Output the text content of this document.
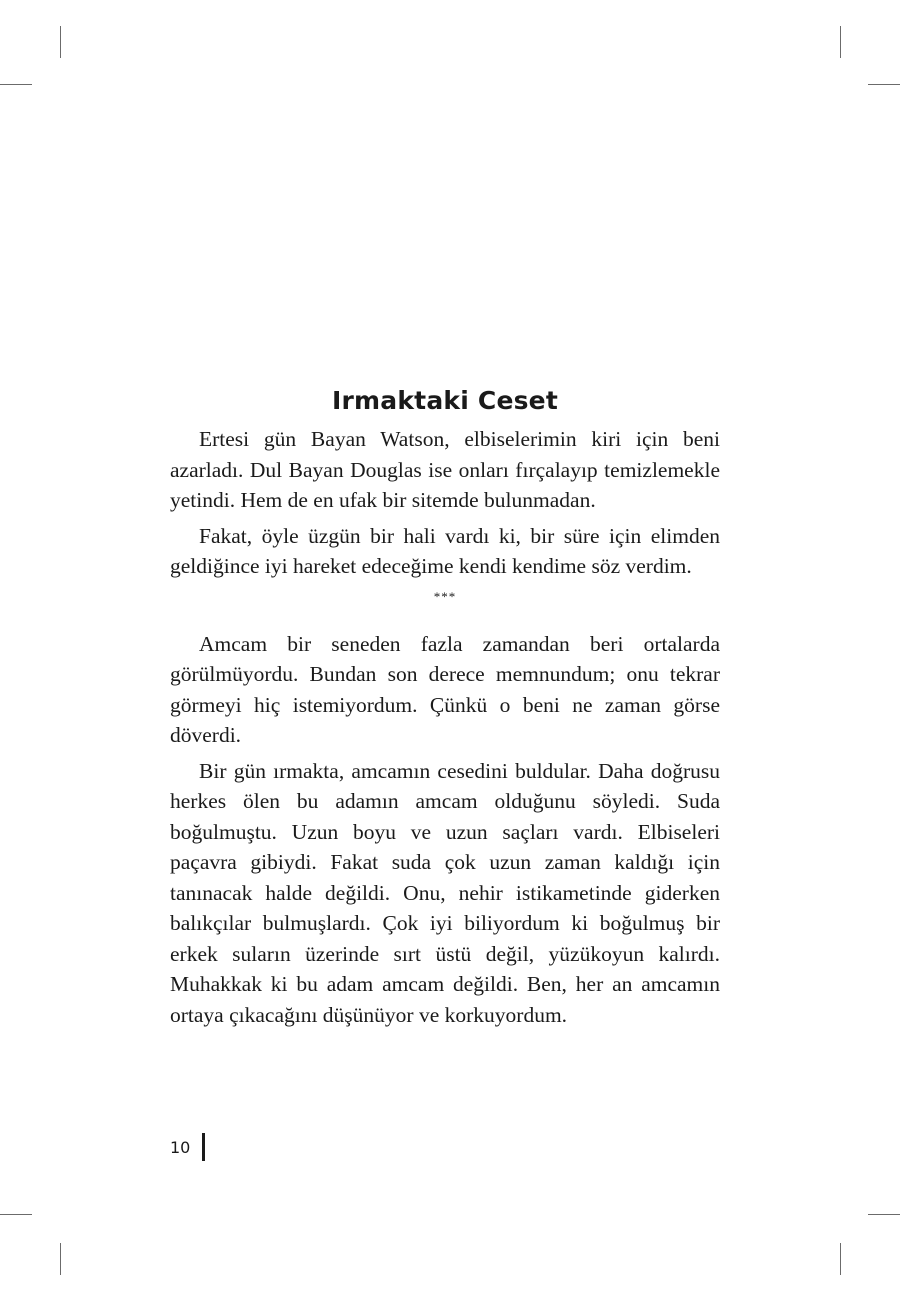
Irmaktaki Ceset

Ertesi gün Bayan Watson, elbiselerimin kiri için beni azarladı. Dul Bayan Douglas ise onları fırçalayıp temizlemekle yetindi. Hem de en ufak bir sitemde bulunmadan.

Fakat, öyle üzgün bir hali vardı ki, bir süre için elimden geldiğince iyi hareket edeceğime kendi kendime söz verdim.

***

Amcam bir seneden fazla zamandan beri ortalarda görülmüyordu. Bundan son derece memnundum; onu tekrar görmeyi hiç istemiyordum. Çünkü o beni ne zaman görse döverdi.

Bir gün ırmakta, amcamın cesedini buldular. Daha doğrusu herkes ölen bu adamın amcam olduğunu söyledi. Suda boğulmuştu. Uzun boyu ve uzun saçları vardı. Elbiseleri paçavra gibiydi. Fakat suda çok uzun zaman kaldığı için tanınacak halde değildi. Onu, nehir istikametinde giderken balıkçılar bulmuşlardı. Çok iyi biliyordum ki boğulmuş bir erkek suların üzerinde sırt üstü değil, yüzükoyun kalırdı. Muhakkak ki bu adam amcam değildi. Ben, her an amcamın ortaya çıkacağını düşünüyor ve korkuyordum.

10
